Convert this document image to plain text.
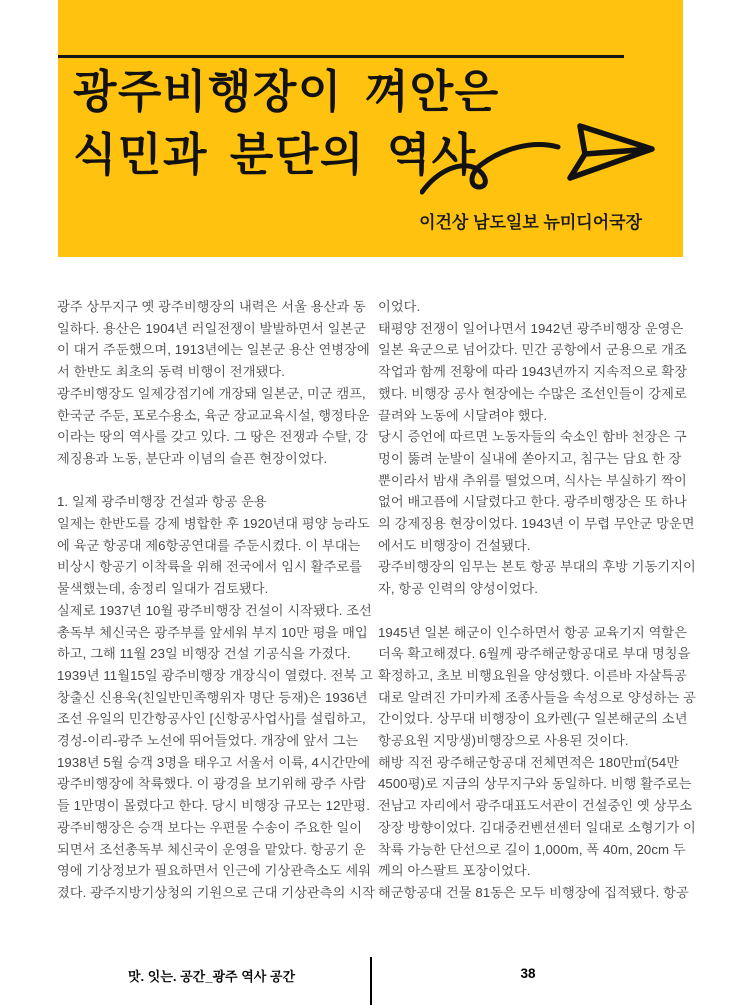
광주비행장이 껴안은
식민과 분단의 역사
이건상 남도일보 뉴미디어국장
광주 상무지구 옛 광주비행장의 내력은 서울 용산과 동
일하다. 용산은 1904년 러일전쟁이 발발하면서 일본군
이 대거 주둔했으며, 1913년에는 일본군 용산 연병장에
서 한반도 최초의 동력 비행이 전개됐다.
광주비행장도 일제강점기에 개장돼 일본군, 미군 캠프,
한국군 주둔, 포로수용소, 육군 장교교육시설, 행정타운
이라는 땅의 역사를 갖고 있다. 그 땅은 전쟁과 수탈, 강
제징용과 노동, 분단과 이념의 슬픈 현장이었다.

1. 일제 광주비행장 건설과 항공 운용
일제는 한반도를 강제 병합한 후 1920년대 평양 능라도
에 육군 항공대 제6항공연대를 주둔시켰다. 이 부대는
비상시 항공기 이착륙을 위해 전국에서 임시 활주로를
물색했는데, 송정리 일대가 검토됐다.
실제로 1937년 10월 광주비행장 건설이 시작됐다. 조선
총독부 체신국은 광주부를 앞세워 부지 10만 평을 매입
하고, 그해 11월 23일 비행장 건설 기공식을 가졌다.
1939년 11월15일 광주비행장 개장식이 열렸다. 전북 고
창출신 신용욱(친일반민족행위자 명단 등재)은 1936년
조선 유일의 민간항공사인 [신항공사업사]를 설립하고,
경성-이리-광주 노선에 뛰어들었다. 개장에 앞서 그는
1938년 5월 승객 3명을 태우고 서울서 이륙, 4시간만에
광주비행장에 착륙했다. 이 광경을 보기위해 광주 사람
들 1만명이 몰렸다고 한다. 당시 비행장 규모는 12만평.
광주비행장은 승객 보다는 우편물 수송이 주요한 일이
되면서 조선총독부 체신국이 운영을 맡았다. 항공기 운
영에 기상정보가 필요하면서 인근에 기상관측소도 세워
졌다. 광주지방기상청의 기원으로 근대 기상관측의 시작
이었다.
태평양 전쟁이 일어나면서 1942년 광주비행장 운영은
일본 육군으로 넘어갔다. 민간 공항에서 군용으로 개조
작업과 함께 전황에 따라 1943년까지 지속적으로 확장
했다. 비행장 공사 현장에는 수많은 조선인들이 강제로
끌려와 노동에 시달려야 했다.
당시 증언에 따르면 노동자들의 숙소인 함바 천장은 구
멍이 뚫려 눈발이 실내에 쏟아지고, 침구는 담요 한 장
뿐이라서 밤새 추위를 떨었으며, 식사는 부실하기 짝이
없어 배고픔에 시달렸다고 한다. 광주비행장은 또 하나
의 강제징용 현장이었다. 1943년 이 무렵 무안군 망운면
에서도 비행장이 건설됐다.
광주비행장의 임무는 본토 항공 부대의 후방 기동기지이
자, 항공 인력의 양성이었다.

1945년 일본 해군이 인수하면서 항공 교육기지 역할은
더욱 확고해졌다. 6월께 광주해군항공대로 부대 명칭을
확정하고, 초보 비행요원을 양성했다. 이른바 자살특공
대로 알려진 가미카제 조종사들을 속성으로 양성하는 공
간이었다. 상무대 비행장이 요카렌(구 일본해군의 소년
항공요원 지망생)비행장으로 사용된 것이다.
해방 직전 광주해군항공대 전체면적은 180만㎡(54만
4500평)로 지금의 상무지구와 동일하다. 비행 활주로는
전남고 자리에서 광주대표도서관이 건설중인 옛 상무소
장장 방향이었다. 김대중컨벤션센터 일대로 소형기가 이
착륙 가능한 단선으로 길이 1,000m, 폭 40m, 20cm 두
께의 아스팔트 포장이었다.
해군항공대 건물 81동은 모두 비행장에 집적됐다. 항공
맛. 잇는. 공간_광주 역사 공간	38
